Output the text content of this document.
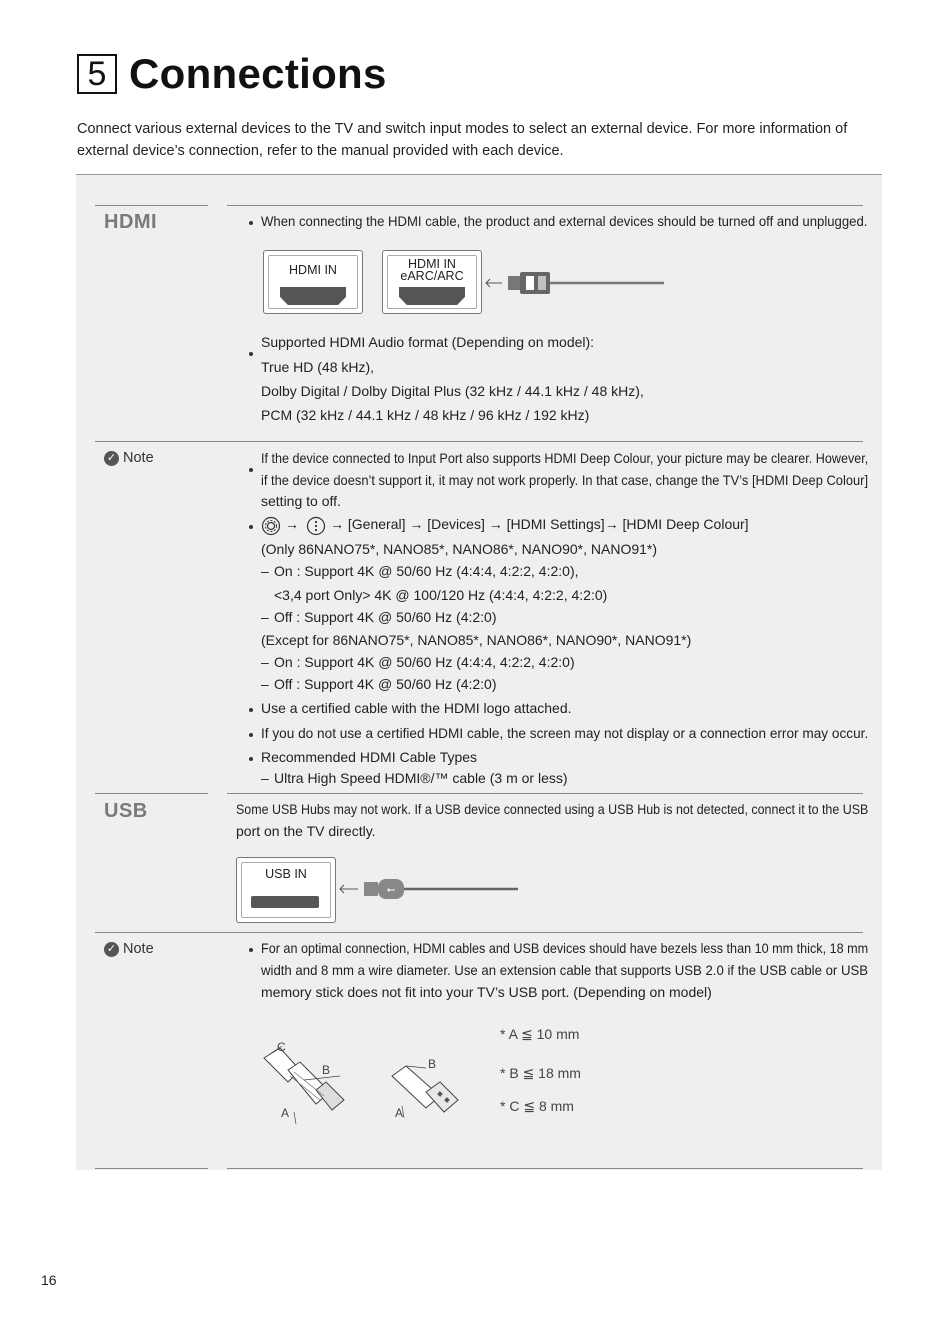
5 Connections
Connect various external devices to the TV and switch input modes to select an external device. For more information of external device’s connection, refer to the manual provided with each device.
HDMI	When connecting the HDMI cable, the product and external devices should be turned off and unplugged.
HDMI IN	HDMI IN
eARC/ARC
Supported HDMI Audio format (Depending on model):
True HD (48 kHz),
Dolby Digital / Dolby Digital Plus (32 kHz / 44.1 kHz / 48 kHz),
PCM (32 kHz / 44.1 kHz / 48 kHz / 96 kHz / 192 kHz)
✓ Note	If the device connected to Input Port also supports HDMI Deep Colour, your picture may be clearer. However,
if the device doesn’t support it, it may not work properly. In that case, change the TV’s [HDMI Deep Colour]
setting to off.
→ → [General] → [Devices] → [HDMI Settings]→ [HDMI Deep Colour]
(Only 86NANO75*, NANO85*, NANO86*, NANO90*, NANO91*)
– On : Support 4K @ 50/60 Hz (4:4:4, 4:2:2, 4:2:0),
<3,4 port Only> 4K @ 100/120 Hz (4:4:4, 4:2:2, 4:2:0)
– Off : Support 4K @ 50/60 Hz (4:2:0)
(Except for 86NANO75*, NANO85*, NANO86*, NANO90*, NANO91*)
– On : Support 4K @ 50/60 Hz (4:4:4, 4:2:2, 4:2:0)
– Off : Support 4K @ 50/60 Hz (4:2:0)
Use a certified cable with the HDMI logo attached.
If you do not use a certified HDMI cable, the screen may not display or a connection error may occur.
Recommended HDMI Cable Types
– Ultra High Speed HDMI®/™ cable (3 m or less)
USB	Some USB Hubs may not work. If a USB device connected using a USB Hub is not detected, connect it to the USB
port on the TV directly.
USB IN
⭠
✓ Note	For an optimal connection, HDMI cables and USB devices should have bezels less than 10 mm thick, 18 mm
width and 8 mm a wire diameter. Use an extension cable that supports USB 2.0 if the USB cable or USB
memory stick does not fit into your TV’s USB port. (Depending on model)
C
B
A
B
A
* A ≦ 10 mm
* B ≦ 18 mm
* C ≦ 8 mm
16
